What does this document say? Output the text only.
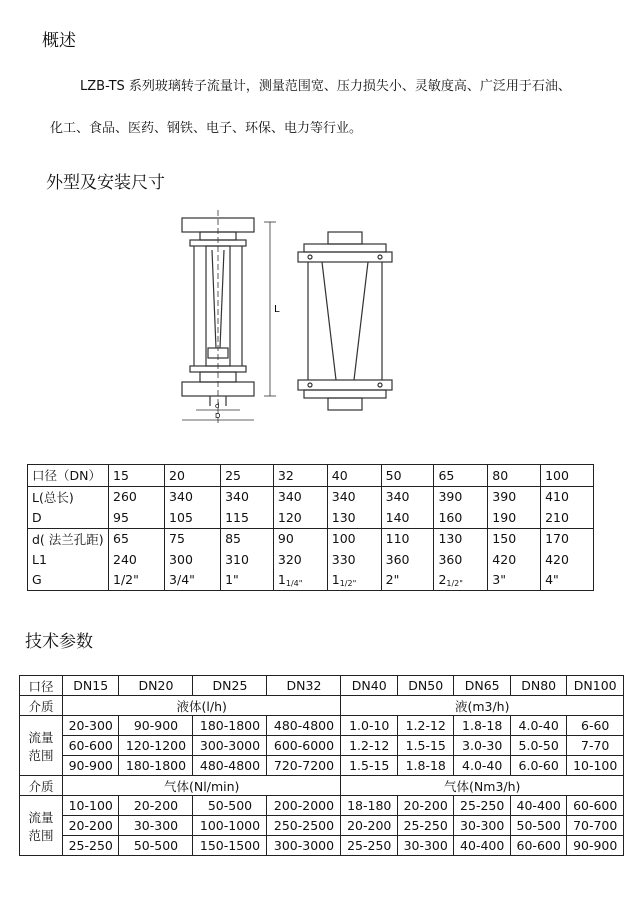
概述
LZB-TS 系列玻璃转子流量计，测量范围宽、压力损失小、灵敏度高、广泛用于石油、
化工、食品、医药、钢铁、电子、环保、电力等行业。
外型及安装尺寸
L
d
D
口径（DN）	15	20	25	32	40	50	65	80	100
L(总长)	260	340	340	340	340	340	390	390	410
D	95	105	115	120	130	140	160	190	210
d( 法兰孔距)	65	75	85	90	100	110	130	150	170
L1	240	300	310	320	330	360	360	420	420
G	1/2"	3/4"	1"	$1_{1/4"}$	$1_{1/2"}$	2"	$2_{1/2"}$	3"	4"
技术参数
口径	DN15	DN20	DN25	DN32	DN40	DN50	DN65	DN80	DN100
介质	液体(l/h)				液(m3/h)				

流量
范围	20-300	90-900	180-1800	480-4800	1.0-10	1.2-12	1.8-18	4.0-40	6-60
	60-600	120-1200	300-3000	600-6000	1.2-12	1.5-15	3.0-30	5.0-50	7-70
	90-900	180-1800	480-4800	720-7200	1.5-15	1.8-18	4.0-40	6.0-60	10-100
介质	气体(Nl/min)				气体(Nm3/h)				

流量
范围	10-100	20-200	50-500	200-2000	18-180	20-200	25-250	40-400	60-600
	20-200	30-300	100-1000	250-2500	20-200	25-250	30-300	50-500	70-700
	25-250	50-500	150-1500	300-3000	25-250	30-300	40-400	60-600	90-900
